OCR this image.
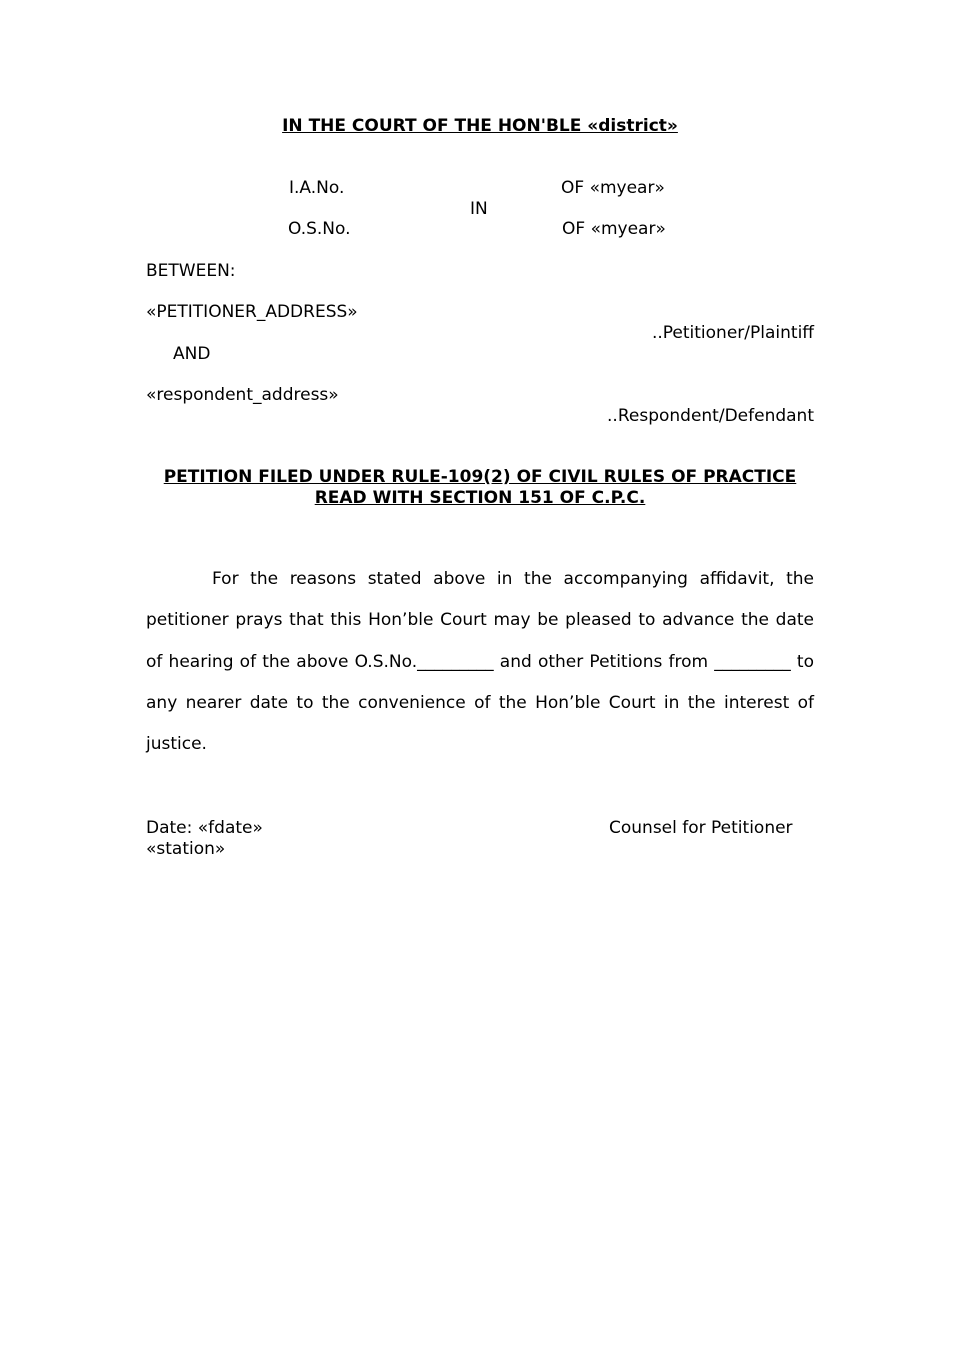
IN THE COURT OF THE HON'BLE «district»
I.A.No.	OF «myear»
IN
O.S.No.	OF «myear»
BETWEEN:
«PETITIONER_ADDRESS»
..Petitioner/Plaintiff
AND
«respondent_address»
..Respondent/Defendant
PETITION FILED UNDER RULE-109(2) OF CIVIL RULES OF PRACTICE
READ WITH SECTION 151 OF C.P.C.
For the reasons stated above in the accompanying affidavit, the petitioner prays that this Hon’ble Court may be pleased to advance the date of hearing of the above O.S.No._________ and other Petitions from _________ to any nearer date to the convenience of the Hon’ble Court in the interest of justice.
Date: «fdate»	Counsel for Petitioner
«station»
